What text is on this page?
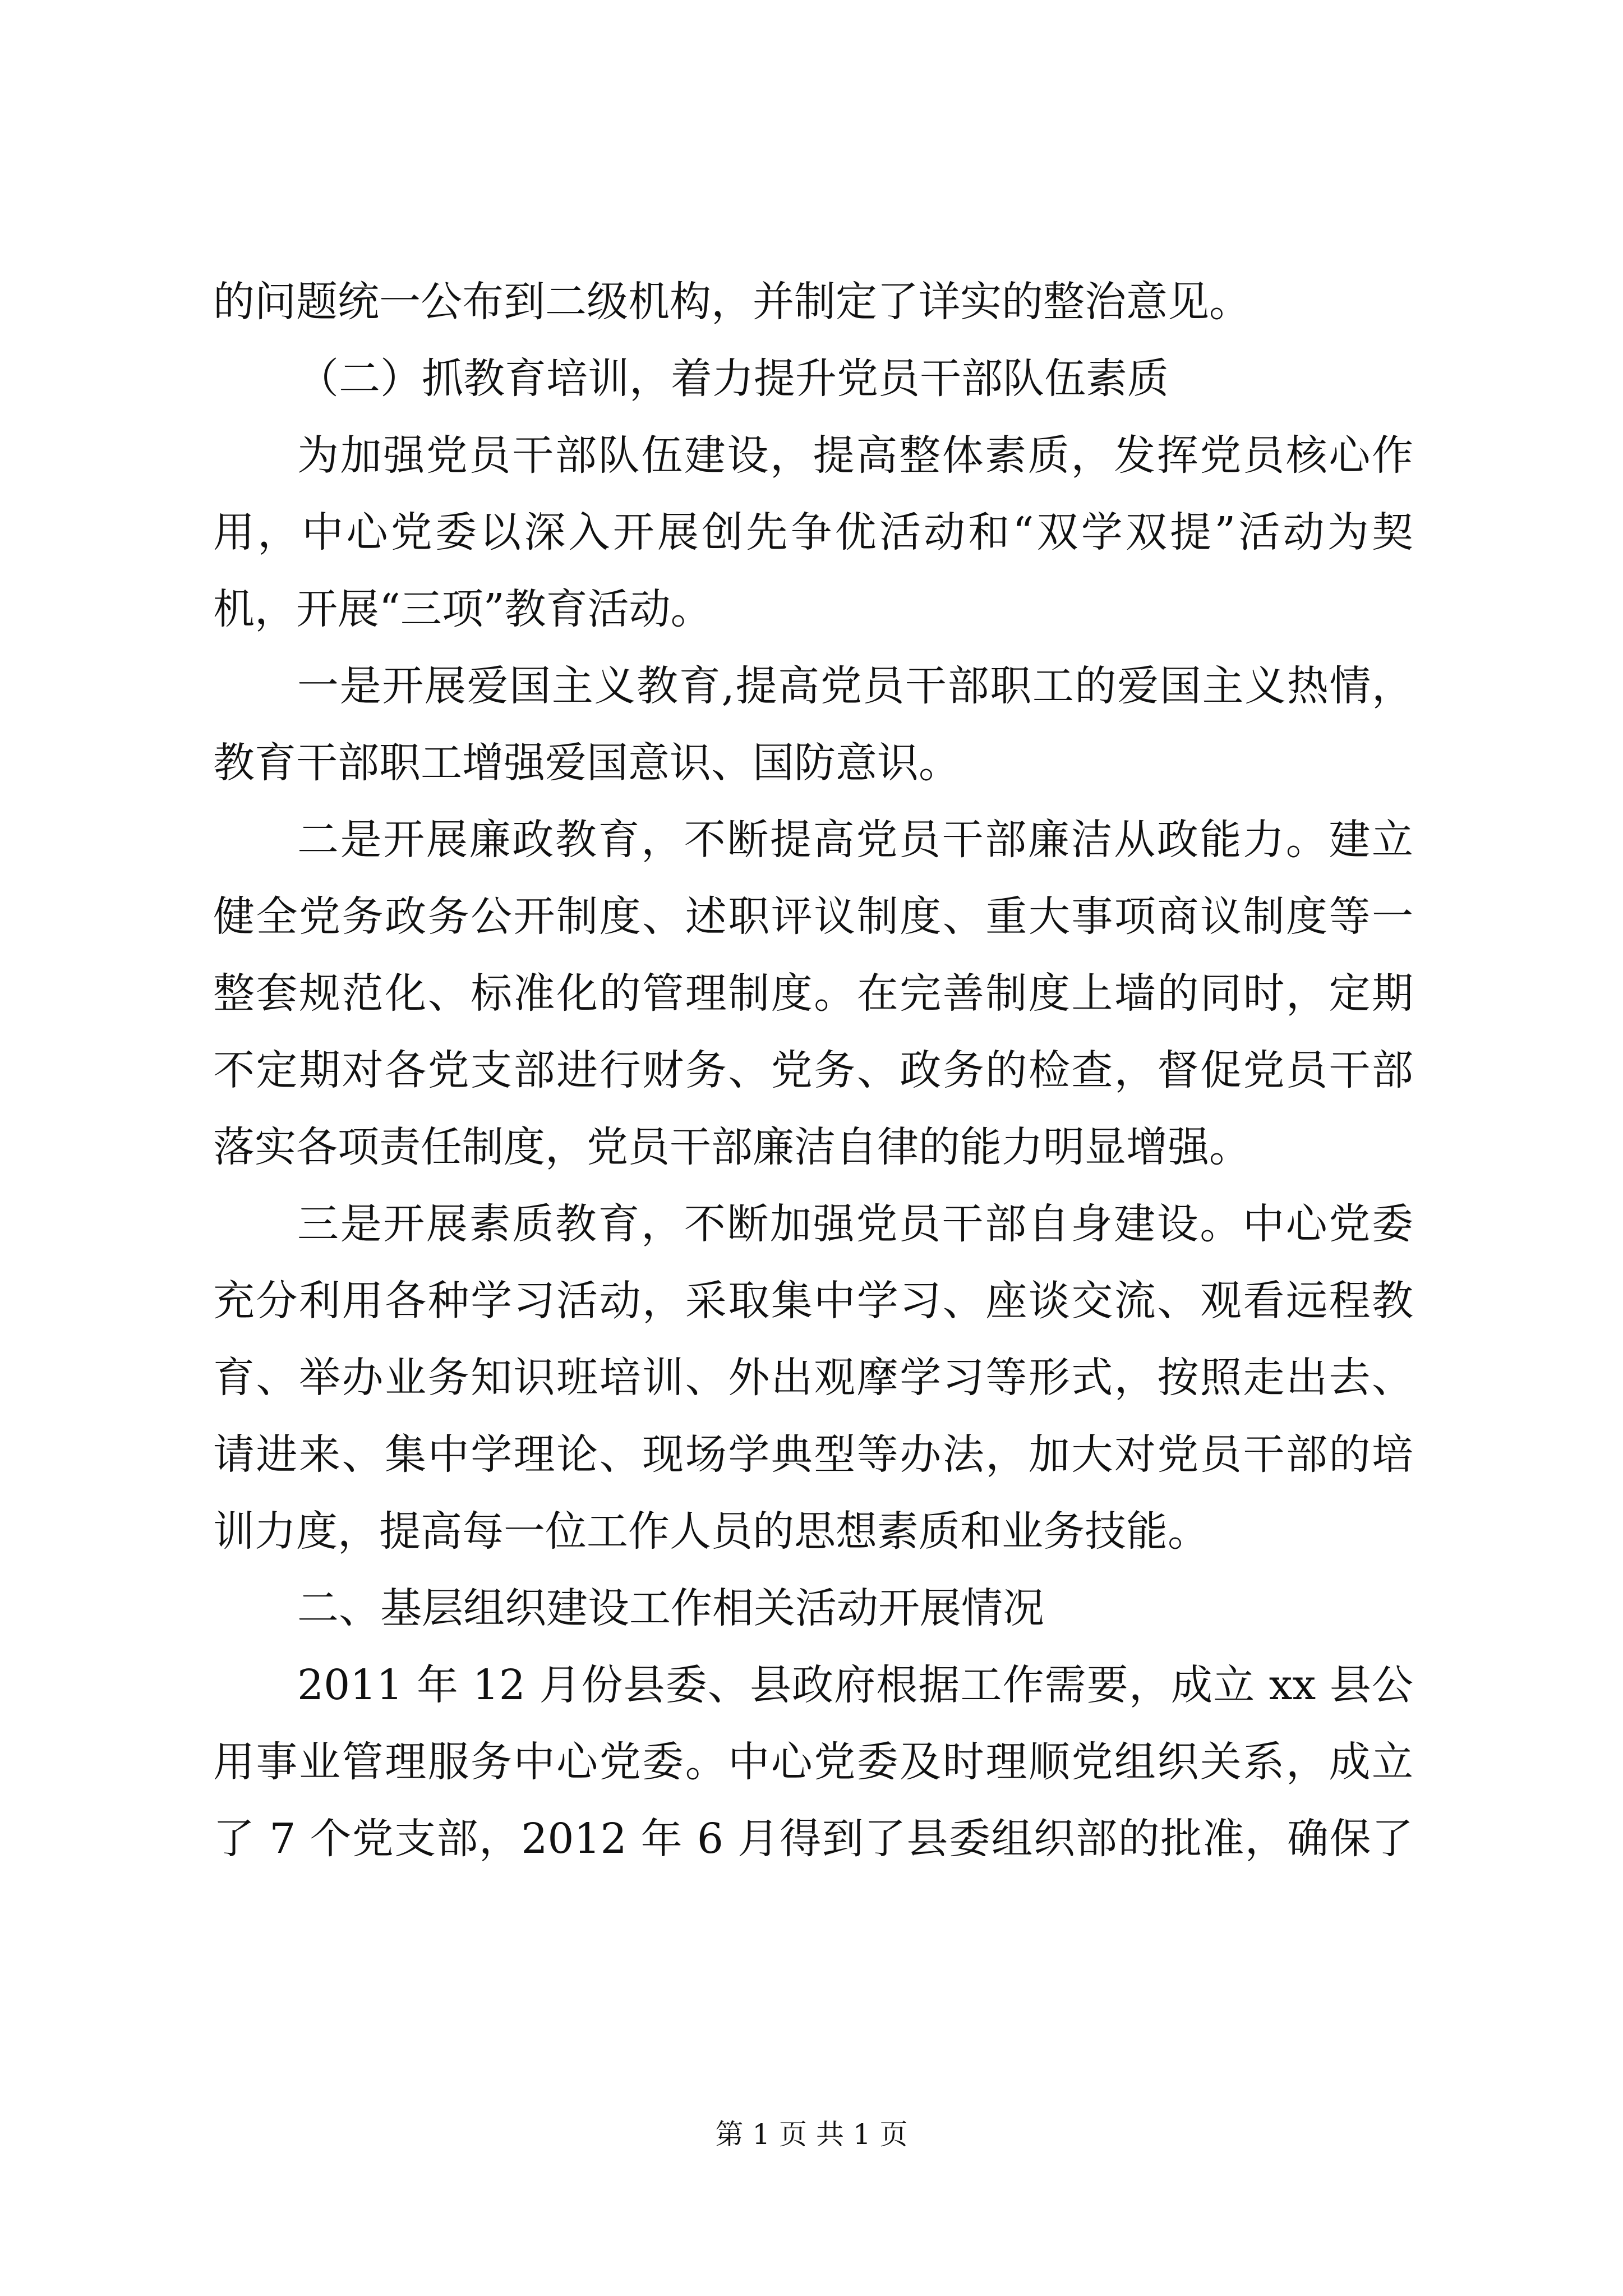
的问题统一公布到二级机构，并制定了详实的整治意见。
（二）抓教育培训，着力提升党员干部队伍素质
为加强党员干部队伍建设，提高整体素质，发挥党员核心作
用，中心党委以深入开展创先争优活动和“双学双提”活动为契
机，开展“三项”教育活动。
一是开展爱国主义教育,提高党员干部职工的爱国主义热情，
教育干部职工增强爱国意识、国防意识。
二是开展廉政教育，不断提高党员干部廉洁从政能力。建立
健全党务政务公开制度、述职评议制度、重大事项商议制度等一
整套规范化、标准化的管理制度。在完善制度上墙的同时，定期
不定期对各党支部进行财务、党务、政务的检查，督促党员干部
落实各项责任制度，党员干部廉洁自律的能力明显增强。
三是开展素质教育，不断加强党员干部自身建设。中心党委
充分利用各种学习活动，采取集中学习、座谈交流、观看远程教
育、举办业务知识班培训、外出观摩学习等形式，按照走出去、
请进来、集中学理论、现场学典型等办法，加大对党员干部的培
训力度，提高每一位工作人员的思想素质和业务技能。
二、基层组织建设工作相关活动开展情况
2011 年 12 月份县委、县政府根据工作需要，成立 xx 县公
用事业管理服务中心党委。中心党委及时理顺党组织关系，成立
了 7 个党支部，2012 年 6 月得到了县委组织部的批准，确保了
第 1 页 共 1 页
